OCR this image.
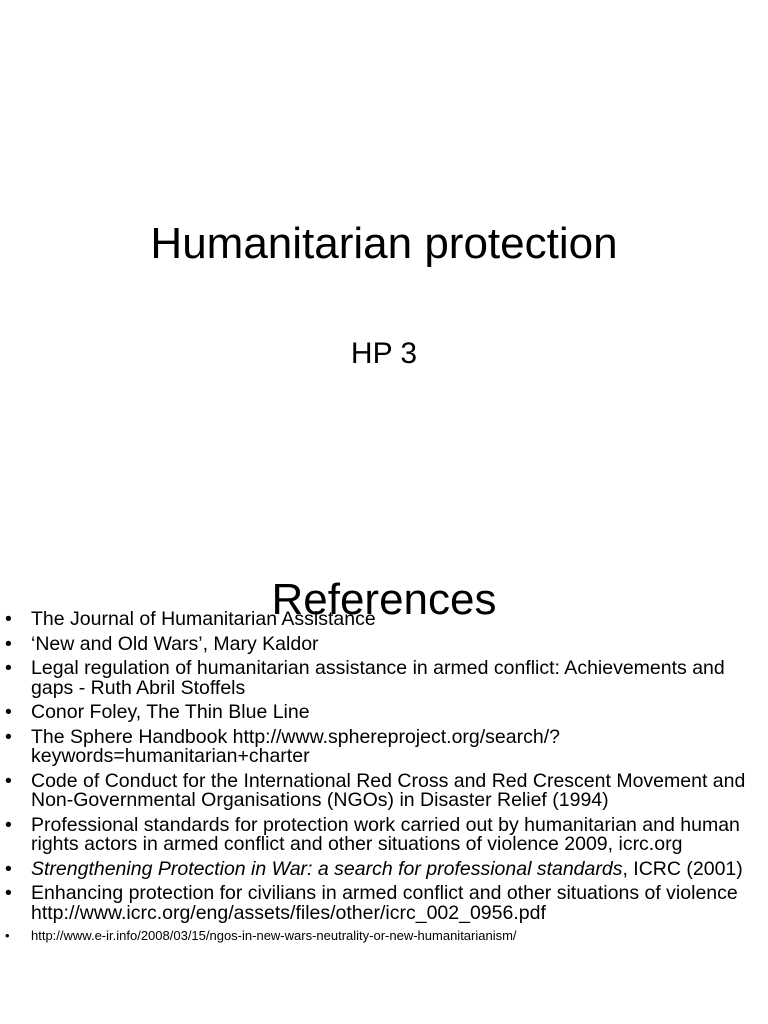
Humanitarian protection
HP 3
References
• The Journal of Humanitarian Assistance
• ‘New and Old Wars’, Mary Kaldor
• Legal regulation of humanitarian assistance in armed conflict: Achievements and gaps - Ruth Abril Stoffels
• Conor Foley, The Thin Blue Line
• The Sphere Handbook http://www.sphereproject.org/search/?keywords=humanitarian+charter
• Code of Conduct for the International Red Cross and Red Crescent Movement and Non-Governmental Organisations (NGOs) in Disaster Relief (1994)
• Professional standards for protection work carried out by humanitarian and human rights actors in armed conflict and other situations of violence 2009, icrc.org
• Strengthening Protection in War: a search for professional standards, ICRC (2001)
• Enhancing protection for civilians in armed conflict and other situations of violence http://www.icrc.org/eng/assets/files/other/icrc_002_0956.pdf
• http://www.e-ir.info/2008/03/15/ngos-in-new-wars-neutrality-or-new-humanitarianism/
